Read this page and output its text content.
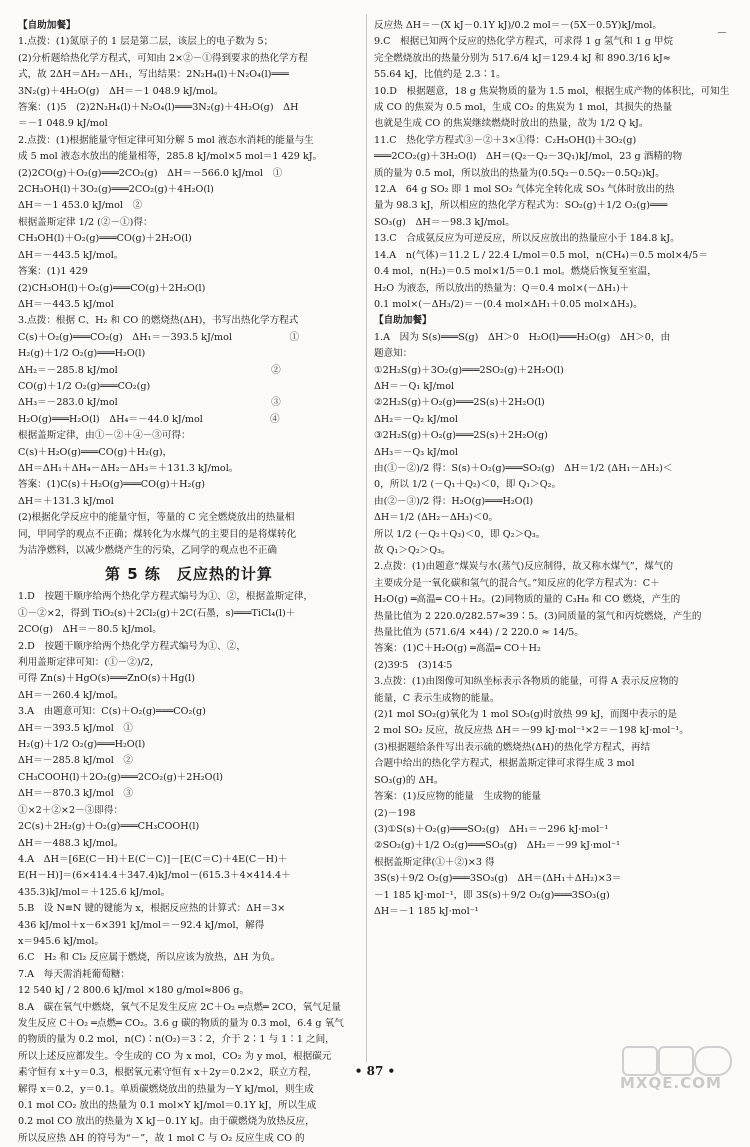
【自助加餐】
1.点拨：(1)氮原子的 1 层是第二层，该层上的电子数为 5；
(2)分析题给热化学方程式，可知由 2×②－①得到要求的热化学方程
式，故 2ΔH＝ΔH₂－ΔH₁，写出结果：2N₂H₄(l)＋N₂O₄(l)═══
3N₂(g)＋4H₂O(g)　ΔH＝－1 048.9 kJ/mol。
答案：(1)5　(2)2N₂H₄(l)＋N₂O₄(l)═══3N₂(g)＋4H₂O(g)　ΔH
＝－1 048.9 kJ/mol
2.点拨：(1)根据能量守恒定律可知分解 5 mol 液态水消耗的能量与生
成 5 mol 液态水放出的能量相等，285.8 kJ/mol×5 mol＝1 429 kJ。
(2)2CO(g)＋O₂(g)═══2CO₂(g)　ΔH＝－566.0 kJ/mol　①
2CH₃OH(l)＋3O₂(g)═══2CO₂(g)＋4H₂O(l)
ΔH＝－1 453.0 kJ/mol　②
根据盖斯定律 1/2 (②－①)得：
CH₃OH(l)＋O₂(g)═══CO(g)＋2H₂O(l)
ΔH＝－443.5 kJ/mol。
答案：(1)1 429
(2)CH₃OH(l)＋O₂(g)═══CO(g)＋2H₂O(l)
ΔH＝－443.5 kJ/mol
3.点拨：根据 C、H₂ 和 CO 的燃烧热(ΔH)，书写出热化学方程式
C(s)＋O₂(g)═══CO₂(g)　ΔH₁＝－393.5 kJ/mol　　　　　　①
H₂(g)＋1/2 O₂(g)═══H₂O(l)
ΔH₂＝－285.8 kJ/mol　　　　　　　　　　　　　　　　②
CO(g)＋1/2 O₂(g)═══CO₂(g)
ΔH₃＝－283.0 kJ/mol　　　　　　　　　　　　　　　　③
H₂O(g)═══H₂O(l)　ΔH₄＝－44.0 kJ/mol　　　　　　　④
根据盖斯定律，由①－②＋④－③可得：
C(s)＋H₂O(g)═══CO(g)＋H₂(g)，
ΔH＝ΔH₁＋ΔH₄－ΔH₂－ΔH₃＝＋131.3 kJ/mol。
答案：(1)C(s)＋H₂O(g)═══CO(g)＋H₂(g)
ΔH＝＋131.3 kJ/mol
(2)根据化学反应中的能量守恒，等量的 C 完全燃烧放出的热量相
同，甲同学的观点不正确；煤转化为水煤气的主要目的是将煤转化
为洁净燃料，以减少燃烧产生的污染，乙同学的观点也不正确
第 5 练　反应热的计算
1.D　按题干顺序给两个热化学方程式编号为①、②，根据盖斯定律，
①－②×2，得到 TiO₂(s)＋2Cl₂(g)＋2C(石墨，s)═══TiCl₄(l)＋
2CO(g)　ΔH＝－80.5 kJ/mol。
2.D　按题干顺序给两个热化学方程式编号为①、②，
利用盖斯定律可知：(①－②)/2，
可得 Zn(s)＋HgO(s)═══ZnO(s)＋Hg(l)
ΔH＝－260.4 kJ/mol。
3.A　由题意可知：C(s)＋O₂(g)═══CO₂(g)
ΔH＝－393.5 kJ/mol　①
H₂(g)＋1/2 O₂(g)═══H₂O(l)
ΔH＝－285.8 kJ/mol　②
CH₃COOH(l)＋2O₂(g)═══2CO₂(g)＋2H₂O(l)
ΔH＝－870.3 kJ/mol　③
①×2＋②×2－③即得：
2C(s)＋2H₂(g)＋O₂(g)═══CH₃COOH(l)
ΔH＝－488.3 kJ/mol。
4.A　ΔH＝[6E(C－H)＋E(C－C)]－[E(C＝C)＋4E(C－H)＋
E(H－H)]＝(6×414.4＋347.4)kJ/mol－(615.3＋4×414.4＋
435.3)kJ/mol＝＋125.6 kJ/mol。
5.B　设 N≡N 键的键能为 x，根据反应热的计算式：ΔH＝3×
436 kJ/mol＋x－6×391 kJ/mol＝－92.4 kJ/mol，解得
x＝945.6 kJ/mol。
6.C　H₂ 和 Cl₂ 反应属于燃烧，所以应该为放热，ΔH 为负。
7.A　每天需消耗葡萄糖：
12 540 kJ / 2 800.6 kJ/mol ×180 g/mol≈806 g。
8.A　碳在氧气中燃烧，氧气不足发生反应 2C＋O₂ ═点燃═ 2CO，氧气足量
发生反应 C＋O₂ ═点燃═ CO₂。3.6 g 碳的物质的量为 0.3 mol，6.4 g 氧气
的物质的量为 0.2 mol，n(C)∶n(O₂)＝3∶2，介于 2∶1 与 1∶1 之间，
所以上述反应都发生。令生成的 CO 为 x mol，CO₂ 为 y mol，根据碳元
素守恒有 x＋y＝0.3，根据氧元素守恒有 x＋2y＝0.2×2，联立方程，
解得 x＝0.2，y＝0.1。单质碳燃烧放出的热量为－Y kJ/mol，则生成
0.1 mol CO₂ 放出的热量为 0.1 mol×Y kJ/mol＝0.1Y kJ，所以生成
0.2 mol CO 放出的热量为 X kJ－0.1Y kJ。由于碳燃烧为放热反应，
所以反应热 ΔH 的符号为“－”，故 1 mol C 与 O₂ 反应生成 CO 的
反应热 ΔH＝－(X kJ－0.1Y kJ)/0.2 mol＝－(5X－0.5Y)kJ/mol。
9.C　根据已知两个反应的热化学方程式，可求得 1 g 氢气和 1 g 甲烷
完全燃烧放出的热量分别为 517.6/4 kJ＝129.4 kJ 和 890.3/16 kJ≈
55.64 kJ，比值约是 2.3∶1。
10.D　根据题意，18 g 焦炭物质的量为 1.5 mol，根据生成产物的体积比，可知生
成 CO 的焦炭为 0.5 mol，生成 CO₂ 的焦炭为 1 mol，其损失的热量
也就是生成 CO 的焦炭继续燃烧时放出的热量，故为 1/2 Q kJ。
11.C　热化学方程式③－②＋3×①得：C₂H₅OH(l)＋3O₂(g)
═══2CO₂(g)＋3H₂O(l)　ΔH＝(Q₂－Q₂－3Q₁)kJ/mol，23 g 酒精的物
质的量为 0.5 mol，所以放出的热量为(0.5Q₂－0.5Q₂－0.5Q₂)kJ。
12.A　64 g SO₂ 即 1 mol SO₂ 气体完全转化成 SO₃ 气体时放出的热
量为 98.3 kJ，所以相应的热化学方程式为：SO₂(g)＋1/2 O₂(g)═══
SO₃(g)　ΔH＝－98.3 kJ/mol。
13.C　合成氨反应为可逆反应，所以反应放出的热量应小于 184.8 kJ。
14.A　n(气体)＝11.2 L / 22.4 L/mol＝0.5 mol，n(CH₄)＝0.5 mol×4/5＝
0.4 mol，n(H₂)＝0.5 mol×1/5＝0.1 mol。燃烧后恢复至室温，
H₂O 为液态，所以放出的热量为：Q＝0.4 mol×(－ΔH₁)＋
0.1 mol×(－ΔH₃/2)＝－(0.4 mol×ΔH₁＋0.05 mol×ΔH₃)。
【自助加餐】
1.A　因为 S(s)═══S(g)　ΔH＞0　H₂O(l)═══H₂O(g)　ΔH＞0，由
题意知：
①2H₂S(g)＋3O₂(g)═══2SO₂(g)＋2H₂O(l)
ΔH＝－Q₁ kJ/mol
②2H₂S(g)＋O₂(g)═══2S(s)＋2H₂O(l)
ΔH₂＝－Q₂ kJ/mol
③2H₂S(g)＋O₂(g)═══2S(s)＋2H₂O(g)
ΔH₃＝－Q₃ kJ/mol
由(①－②)/2 得：S(s)＋O₂(g)═══SO₂(g)　ΔH＝1/2 (ΔH₁－ΔH₂)＜
0，所以 1/2 (－Q₁＋Q₂)＜0，即 Q₁＞Q₂。
由(②－③)/2 得：H₂O(g)═══H₂O(l)
ΔH＝1/2 (ΔH₂－ΔH₃)＜0。
所以 1/2 (－Q₂＋Q₃)＜0，即 Q₂＞Q₃。
故 Q₁＞Q₂＞Q₃。
2.点拨：(1)由题意“煤炭与水(蒸气)反应制得，故又称水煤气”，煤气的
主要成分是一氧化碳和氢气的混合气。”知反应的化学方程式为：C＋
H₂O(g) ═高温═ CO＋H₂。(2)同物质的量的 C₃H₈ 和 CO 燃烧，产生的
热量比值为 2 220.0/282.57≈39∶5。(3)同质量的氢气和丙烷燃烧，产生的
热量比值为 (571.6/4 ×44) / 2 220.0 ≈ 14/5。
答案：(1)C＋H₂O(g) ═高温═ CO＋H₂
(2)39∶5　(3)14∶5
3.点拨：(1)由图像可知纵坐标表示各物质的能量，可得 A 表示反应物的
能量，C 表示生成物的能量。
(2)1 mol SO₂(g)氧化为 1 mol SO₃(g)时放热 99 kJ，而图中表示的是
2 mol SO₂ 反应，故反应热 ΔH＝－99 kJ·mol⁻¹×2＝－198 kJ·mol⁻¹。
(3)根据题给条件写出表示硫的燃烧热(ΔH)的热化学方程式，再结
合题中给出的热化学方程式，根据盖斯定律可求得生成 3 mol
SO₃(g)的 ΔH。
答案：(1)反应物的能量　生成物的能量
(2)－198
(3)①S(s)＋O₂(g)═══SO₂(g)　ΔH₁＝－296 kJ·mol⁻¹
②SO₂(g)＋1/2 O₂(g)═══SO₃(g)　ΔH₂＝－99 kJ·mol⁻¹
根据盖斯定律(①＋②)×3 得
3S(s)＋9/2 O₂(g)═══3SO₃(g)　ΔH＝(ΔH₁＋ΔH₂)×3＝
－1 185 kJ·mol⁻¹，即 3S(s)＋9/2 O₂(g)═══3SO₃(g)
ΔH＝－1 185 kJ·mol⁻¹
• 87 •
MXQE.COM
